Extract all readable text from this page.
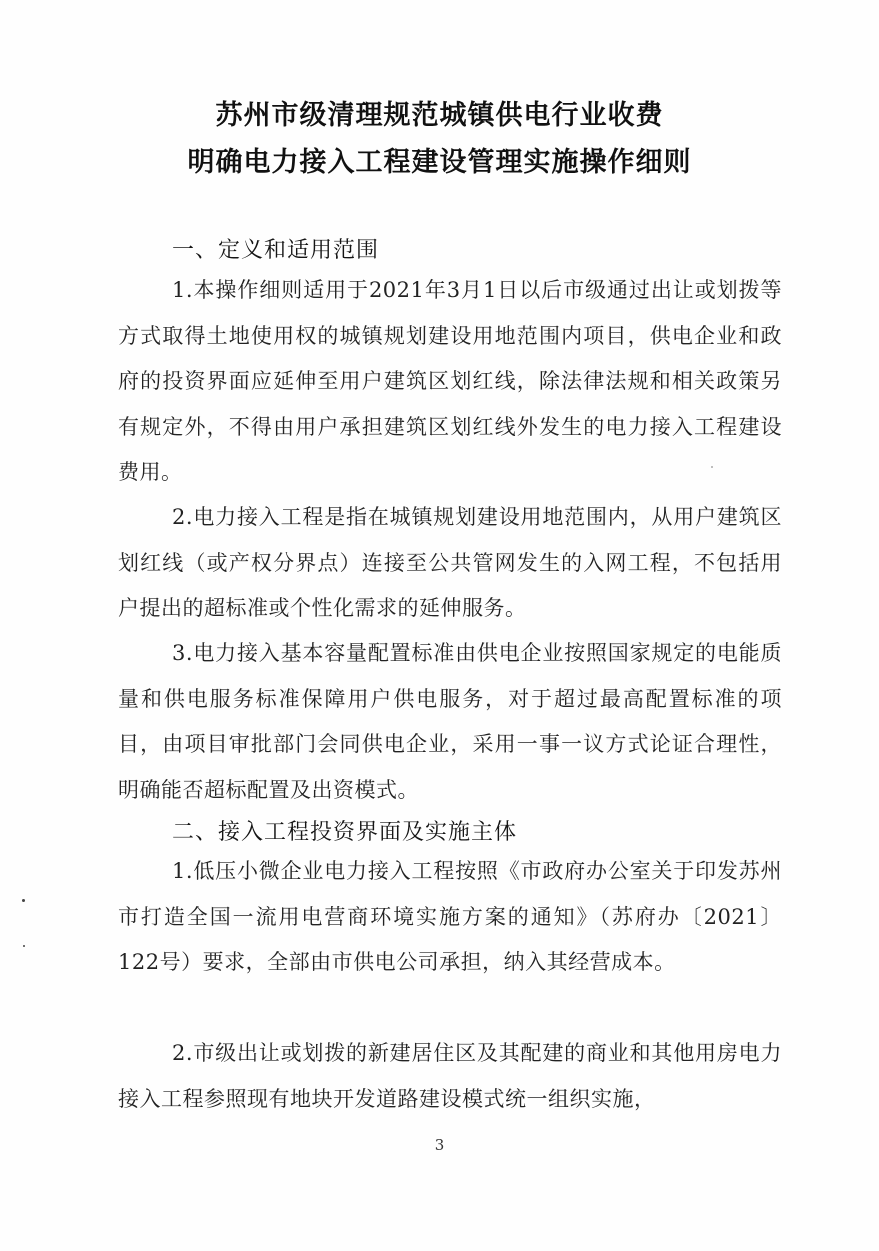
苏州市级清理规范城镇供电行业收费
明确电力接入工程建设管理实施操作细则
一、定义和适用范围
1.本操作细则适用于2021年3月1日以后市级通过出让或划拨等方式取得土地使用权的城镇规划建设用地范围内项目，供电企业和政府的投资界面应延伸至用户建筑区划红线，除法律法规和相关政策另有规定外，不得由用户承担建筑区划红线外发生的电力接入工程建设费用。
2.电力接入工程是指在城镇规划建设用地范围内，从用户建筑区划红线（或产权分界点）连接至公共管网发生的入网工程，不包括用户提出的超标准或个性化需求的延伸服务。
3.电力接入基本容量配置标准由供电企业按照国家规定的电能质量和供电服务标准保障用户供电服务，对于超过最高配置标准的项目，由项目审批部门会同供电企业，采用一事一议方式论证合理性，明确能否超标配置及出资模式。
二、接入工程投资界面及实施主体
1.低压小微企业电力接入工程按照《市政府办公室关于印发苏州市打造全国一流用电营商环境实施方案的通知》（苏府办〔2021〕122号）要求，全部由市供电公司承担，纳入其经营成本。
2.市级出让或划拨的新建居住区及其配建的商业和其他用房电力接入工程参照现有地块开发道路建设模式统一组织实施，
3
